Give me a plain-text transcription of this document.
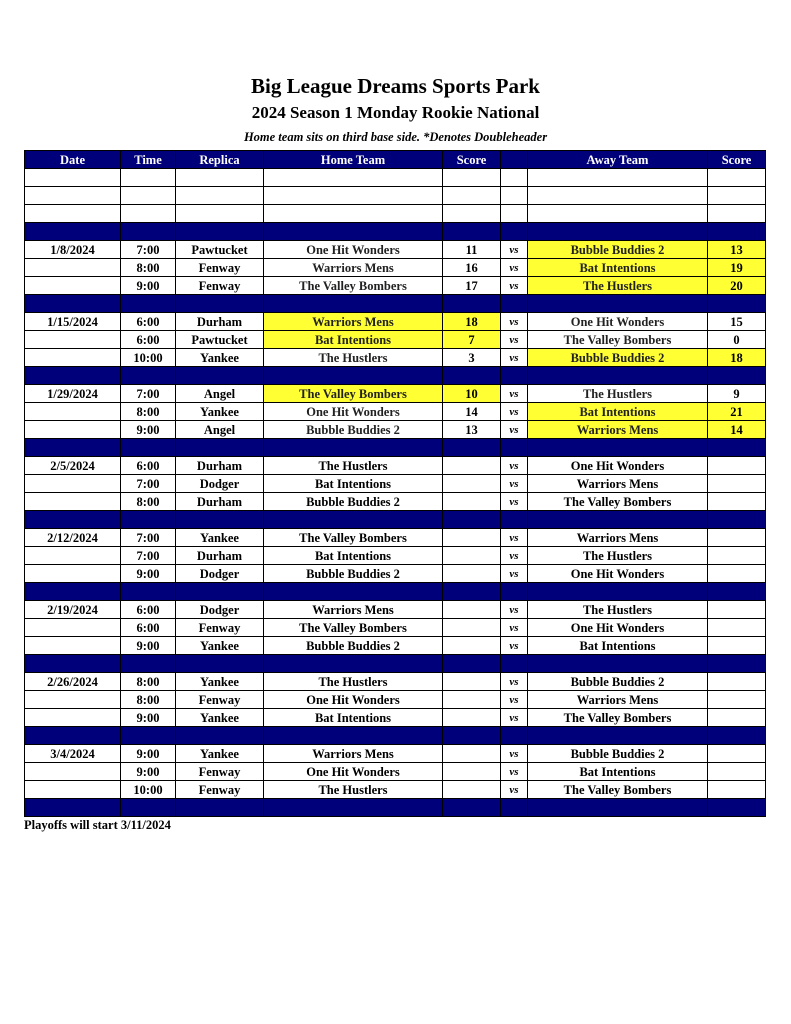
Big League Dreams Sports Park
2024 Season 1 Monday Rookie National
Home team sits on third base side. *Denotes Doubleheader
Date	Time	Replica	Home Team	Score		Away Team	Score

1/8/2024	7:00	Pawtucket	One Hit Wonders	11	vs	Bubble Buddies 2	13
	8:00	Fenway	Warriors Mens	16	vs	Bat Intentions	19
	9:00	Fenway	The Valley Bombers	17	vs	The Hustlers	20

1/15/2024	6:00	Durham	Warriors Mens	18	vs	One Hit Wonders	15
	6:00	Pawtucket	Bat Intentions	7	vs	The Valley Bombers	0
	10:00	Yankee	The Hustlers	3	vs	Bubble Buddies 2	18

1/29/2024	7:00	Angel	The Valley Bombers	10	vs	The Hustlers	9
	8:00	Yankee	One Hit Wonders	14	vs	Bat Intentions	21
	9:00	Angel	Bubble Buddies 2	13	vs	Warriors Mens	14

2/5/2024	6:00	Durham	The Hustlers		vs	One Hit Wonders	
	7:00	Dodger	Bat Intentions		vs	Warriors Mens	
	8:00	Durham	Bubble Buddies 2		vs	The Valley Bombers	

2/12/2024	7:00	Yankee	The Valley Bombers		vs	Warriors Mens	
	7:00	Durham	Bat Intentions		vs	The Hustlers	
	9:00	Dodger	Bubble Buddies 2		vs	One Hit Wonders	

2/19/2024	6:00	Dodger	Warriors Mens		vs	The Hustlers	
	6:00	Fenway	The Valley Bombers		vs	One Hit Wonders	
	9:00	Yankee	Bubble Buddies 2		vs	Bat Intentions	

2/26/2024	8:00	Yankee	The Hustlers		vs	Bubble Buddies 2	
	8:00	Fenway	One Hit Wonders		vs	Warriors Mens	
	9:00	Yankee	Bat Intentions		vs	The Valley Bombers	

3/4/2024	9:00	Yankee	Warriors Mens		vs	Bubble Buddies 2	
	9:00	Fenway	One Hit Wonders		vs	Bat Intentions	
	10:00	Fenway	The Hustlers		vs	The Valley Bombers	

Playoffs will start 3/11/2024
